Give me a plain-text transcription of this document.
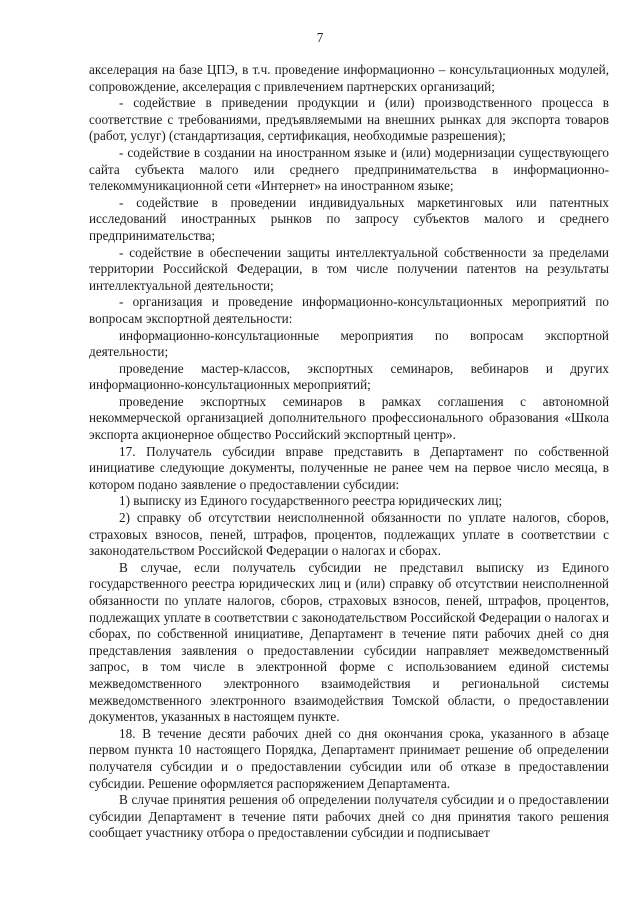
7

акселерация на базе ЦПЭ, в т.ч. проведение информационно – консультационных модулей, сопровождение, акселерация с привлечением партнерских организаций;

- содействие в приведении продукции и (или) производственного процесса в соответствие с требованиями, предъявляемыми на внешних рынках для экспорта товаров (работ, услуг) (стандартизация, сертификация, необходимые разрешения);

- содействие в создании на иностранном языке и (или) модернизации существующего сайта субъекта малого или среднего предпринимательства в информационно-телекоммуникационной сети «Интернет» на иностранном языке;

- содействие в проведении индивидуальных маркетинговых или патентных исследований иностранных рынков по запросу субъектов малого и среднего предпринимательства;

- содействие в обеспечении защиты интеллектуальной собственности за пределами территории Российской Федерации, в том числе получении патентов на результаты интеллектуальной деятельности;

- организация и проведение информационно-консультационных мероприятий по вопросам экспортной деятельности:

информационно-консультационные мероприятия по вопросам экспортной деятельности;

проведение мастер-классов, экспортных семинаров, вебинаров и других информационно-консультационных мероприятий;

проведение экспортных семинаров в рамках соглашения с автономной некоммерческой организацией дополнительного профессионального образования «Школа экспорта акционерное общество Российский экспортный центр».

17. Получатель субсидии вправе представить в Департамент по собственной инициативе следующие документы, полученные не ранее чем на первое число месяца, в котором подано заявление о предоставлении субсидии:

1) выписку из Единого государственного реестра юридических лиц;

2) справку об отсутствии неисполненной обязанности по уплате налогов, сборов, страховых взносов, пеней, штрафов, процентов, подлежащих уплате в соответствии с законодательством Российской Федерации о налогах и сборах.

В случае, если получатель субсидии не представил выписку из Единого государственного реестра юридических лиц и (или) справку об отсутствии неисполненной обязанности по уплате налогов, сборов, страховых взносов, пеней, штрафов, процентов, подлежащих уплате в соответствии с законодательством Российской Федерации о налогах и сборах, по собственной инициативе, Департамент в течение пяти рабочих дней со дня представления заявления о предоставлении субсидии направляет межведомственный запрос, в том числе в электронной форме с использованием единой системы межведомственного электронного взаимодействия и региональной системы межведомственного электронного взаимодействия Томской области, о предоставлении документов, указанных в настоящем пункте.

18. В течение десяти рабочих дней со дня окончания срока, указанного в абзаце первом пункта 10 настоящего Порядка, Департамент принимает решение об определении получателя субсидии и о предоставлении субсидии или об отказе в предоставлении субсидии. Решение оформляется распоряжением Департамента.

В случае принятия решения об определении получателя субсидии и о предоставлении субсидии Департамент в течение пяти рабочих дней со дня принятия такого решения сообщает участнику отбора о предоставлении субсидии и подписывает
